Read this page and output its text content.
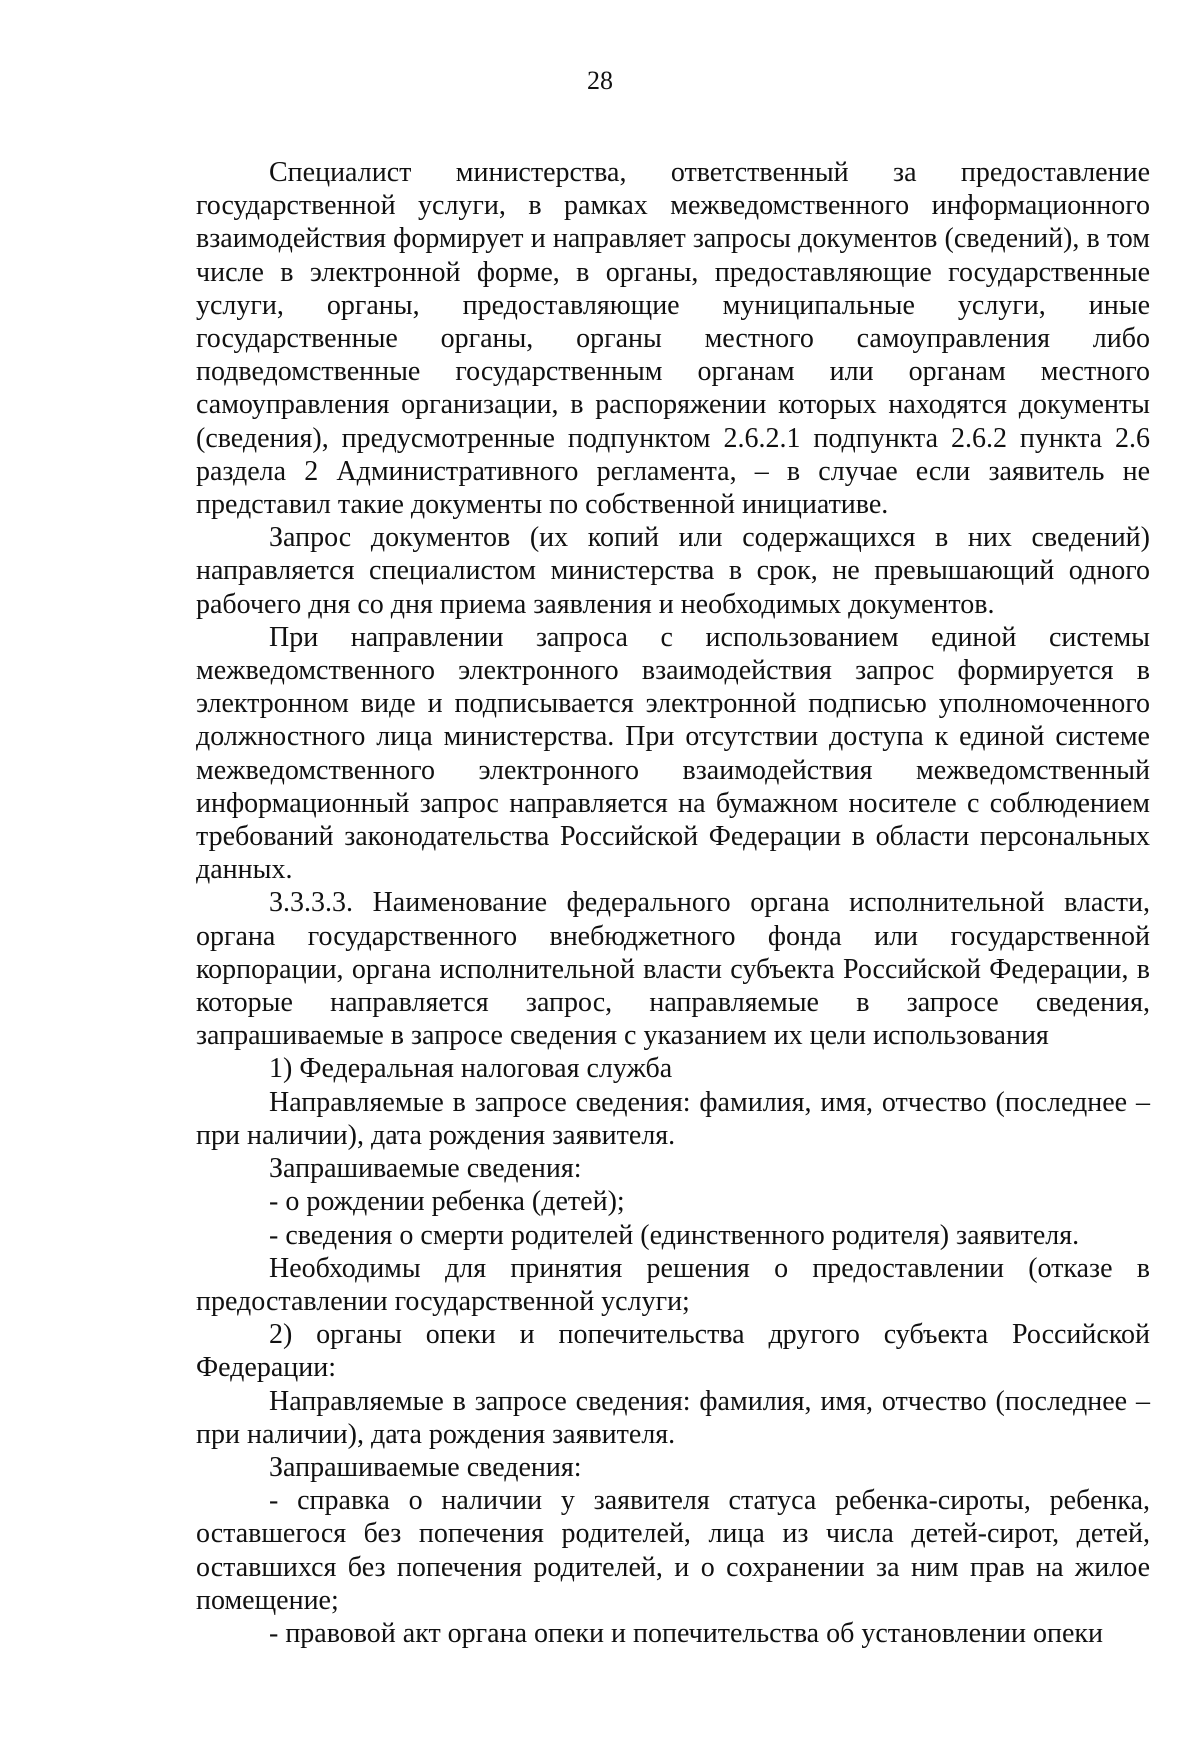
28

Специалист министерства, ответственный за предоставление государственной услуги, в рамках межведомственного информационного взаимодействия формирует и направляет запросы документов (сведений), в том числе в электронной форме, в органы, предоставляющие государственные услуги, органы, предоставляющие муниципальные услуги, иные государственные органы, органы местного самоуправления либо подведомственные государственным органам или органам местного самоуправления организации, в распоряжении которых находятся документы (сведения), предусмотренные подпунктом 2.6.2.1 подпункта 2.6.2 пункта 2.6 раздела 2 Административного регламента, – в случае если заявитель не представил такие документы по собственной инициативе.

Запрос документов (их копий или содержащихся в них сведений) направляется специалистом министерства в срок, не превышающий одного рабочего дня со дня приема заявления и необходимых документов.

При направлении запроса с использованием единой системы межведомственного электронного взаимодействия запрос формируется в электронном виде и подписывается электронной подписью уполномоченного должностного лица министерства. При отсутствии доступа к единой системе межведомственного электронного взаимодействия межведомственный информационный запрос направляется на бумажном носителе с соблюдением требований законодательства Российской Федерации в области персональных данных.

3.3.3.3. Наименование федерального органа исполнительной власти, органа государственного внебюджетного фонда или государственной корпорации, органа исполнительной власти субъекта Российской Федерации, в которые направляется запрос, направляемые в запросе сведения, запрашиваемые в запросе сведения с указанием их цели использования

1) Федеральная налоговая служба

Направляемые в запросе сведения: фамилия, имя, отчество (последнее – при наличии), дата рождения заявителя.

Запрашиваемые сведения:

- о рождении ребенка (детей);

- сведения о смерти родителей (единственного родителя) заявителя.

Необходимы для принятия решения о предоставлении (отказе в предоставлении государственной услуги;

2) органы опеки и попечительства другого субъекта Российской Федерации:

Направляемые в запросе сведения: фамилия, имя, отчество (последнее – при наличии), дата рождения заявителя.

Запрашиваемые сведения:

- справка о наличии у заявителя статуса ребенка-сироты, ребенка, оставшегося без попечения родителей, лица из числа детей-сирот, детей, оставшихся без попечения родителей, и о сохранении за ним прав на жилое помещение;

- правовой акт органа опеки и попечительства об установлении опеки
